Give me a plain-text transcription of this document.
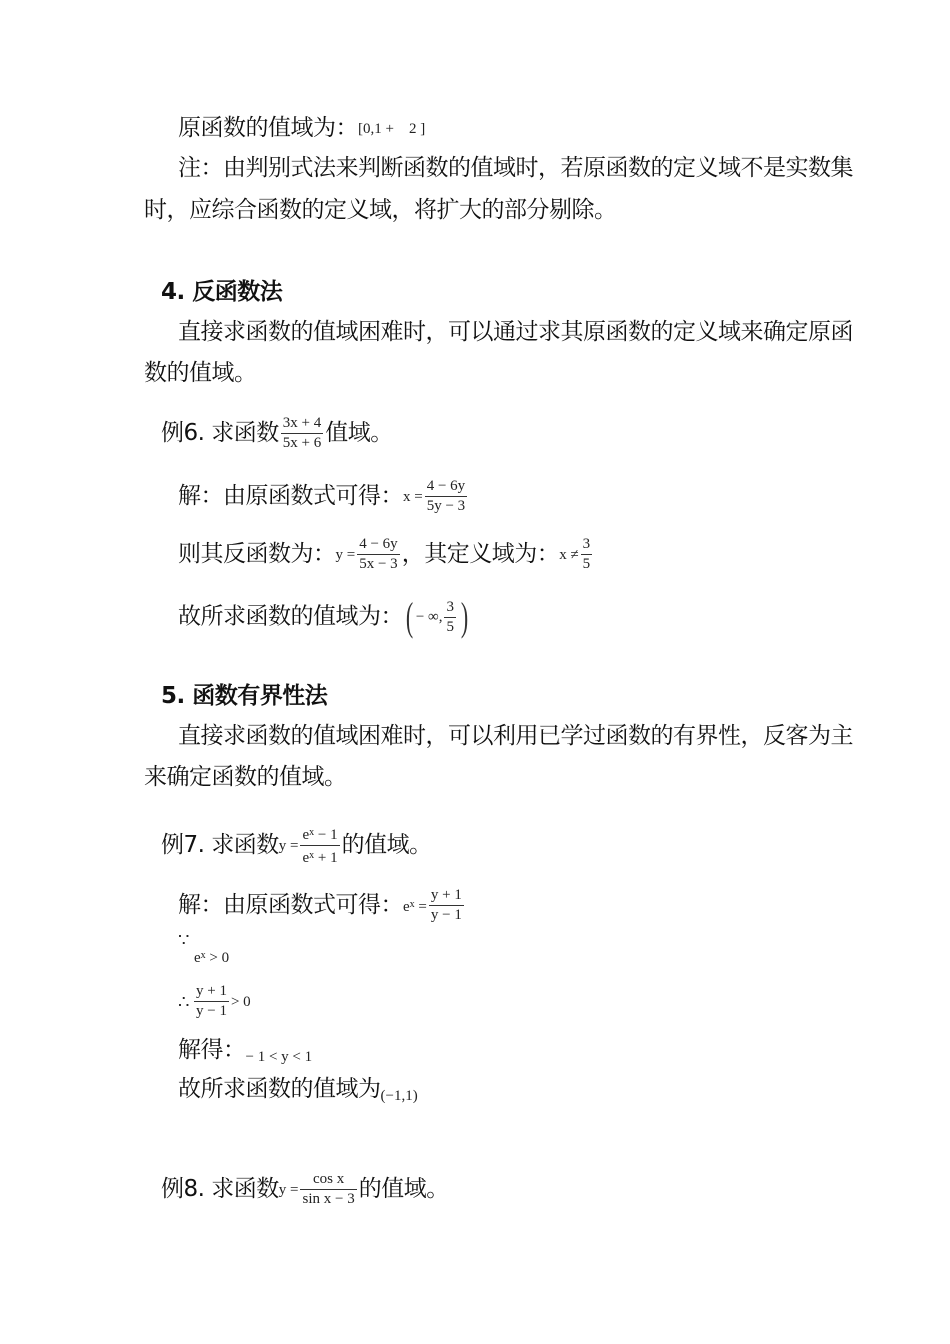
原函数的值域为：[0,1 +    2 ]
注：由判别式法来判断函数的值域时，若原函数的定义域不是实数集
时，应综合函数的定义域，将扩大的部分剔除。
4. 反函数法
直接求函数的值域困难时，可以通过求其原函数的定义域来确定原函
数的值域。
例6. 求函数 $\frac{3x + 4}{5x + 6}$ 值域。
解：由原函数式可得：$x = \frac{4 - 6y}{5y - 3}$
则其反函数为：$y = \frac{4 - 6y}{5x - 3}$ ，其定义域为：$x \ne \frac{3}{5}$
故所求函数的值域为：( − ∞, $\frac{3}{5}$ )
5. 函数有界性法
直接求函数的值域困难时，可以利用已学过函数的有界性，反客为主
来确定函数的值域。
例7. 求函数$y = \frac{e^x - 1}{e^x + 1}$ 的值域。
解：由原函数式可得：$e^x = \frac{y + 1}{y - 1}$
∵
$e^x > 0$
∴ $\frac{y + 1}{y - 1} > 0$
解得：− 1 < y < 1
故所求函数的值域为(−1,1)
例8. 求函数$y = \frac{\text{cos x}}{\text{sin x − 3}}$ 的值域。
